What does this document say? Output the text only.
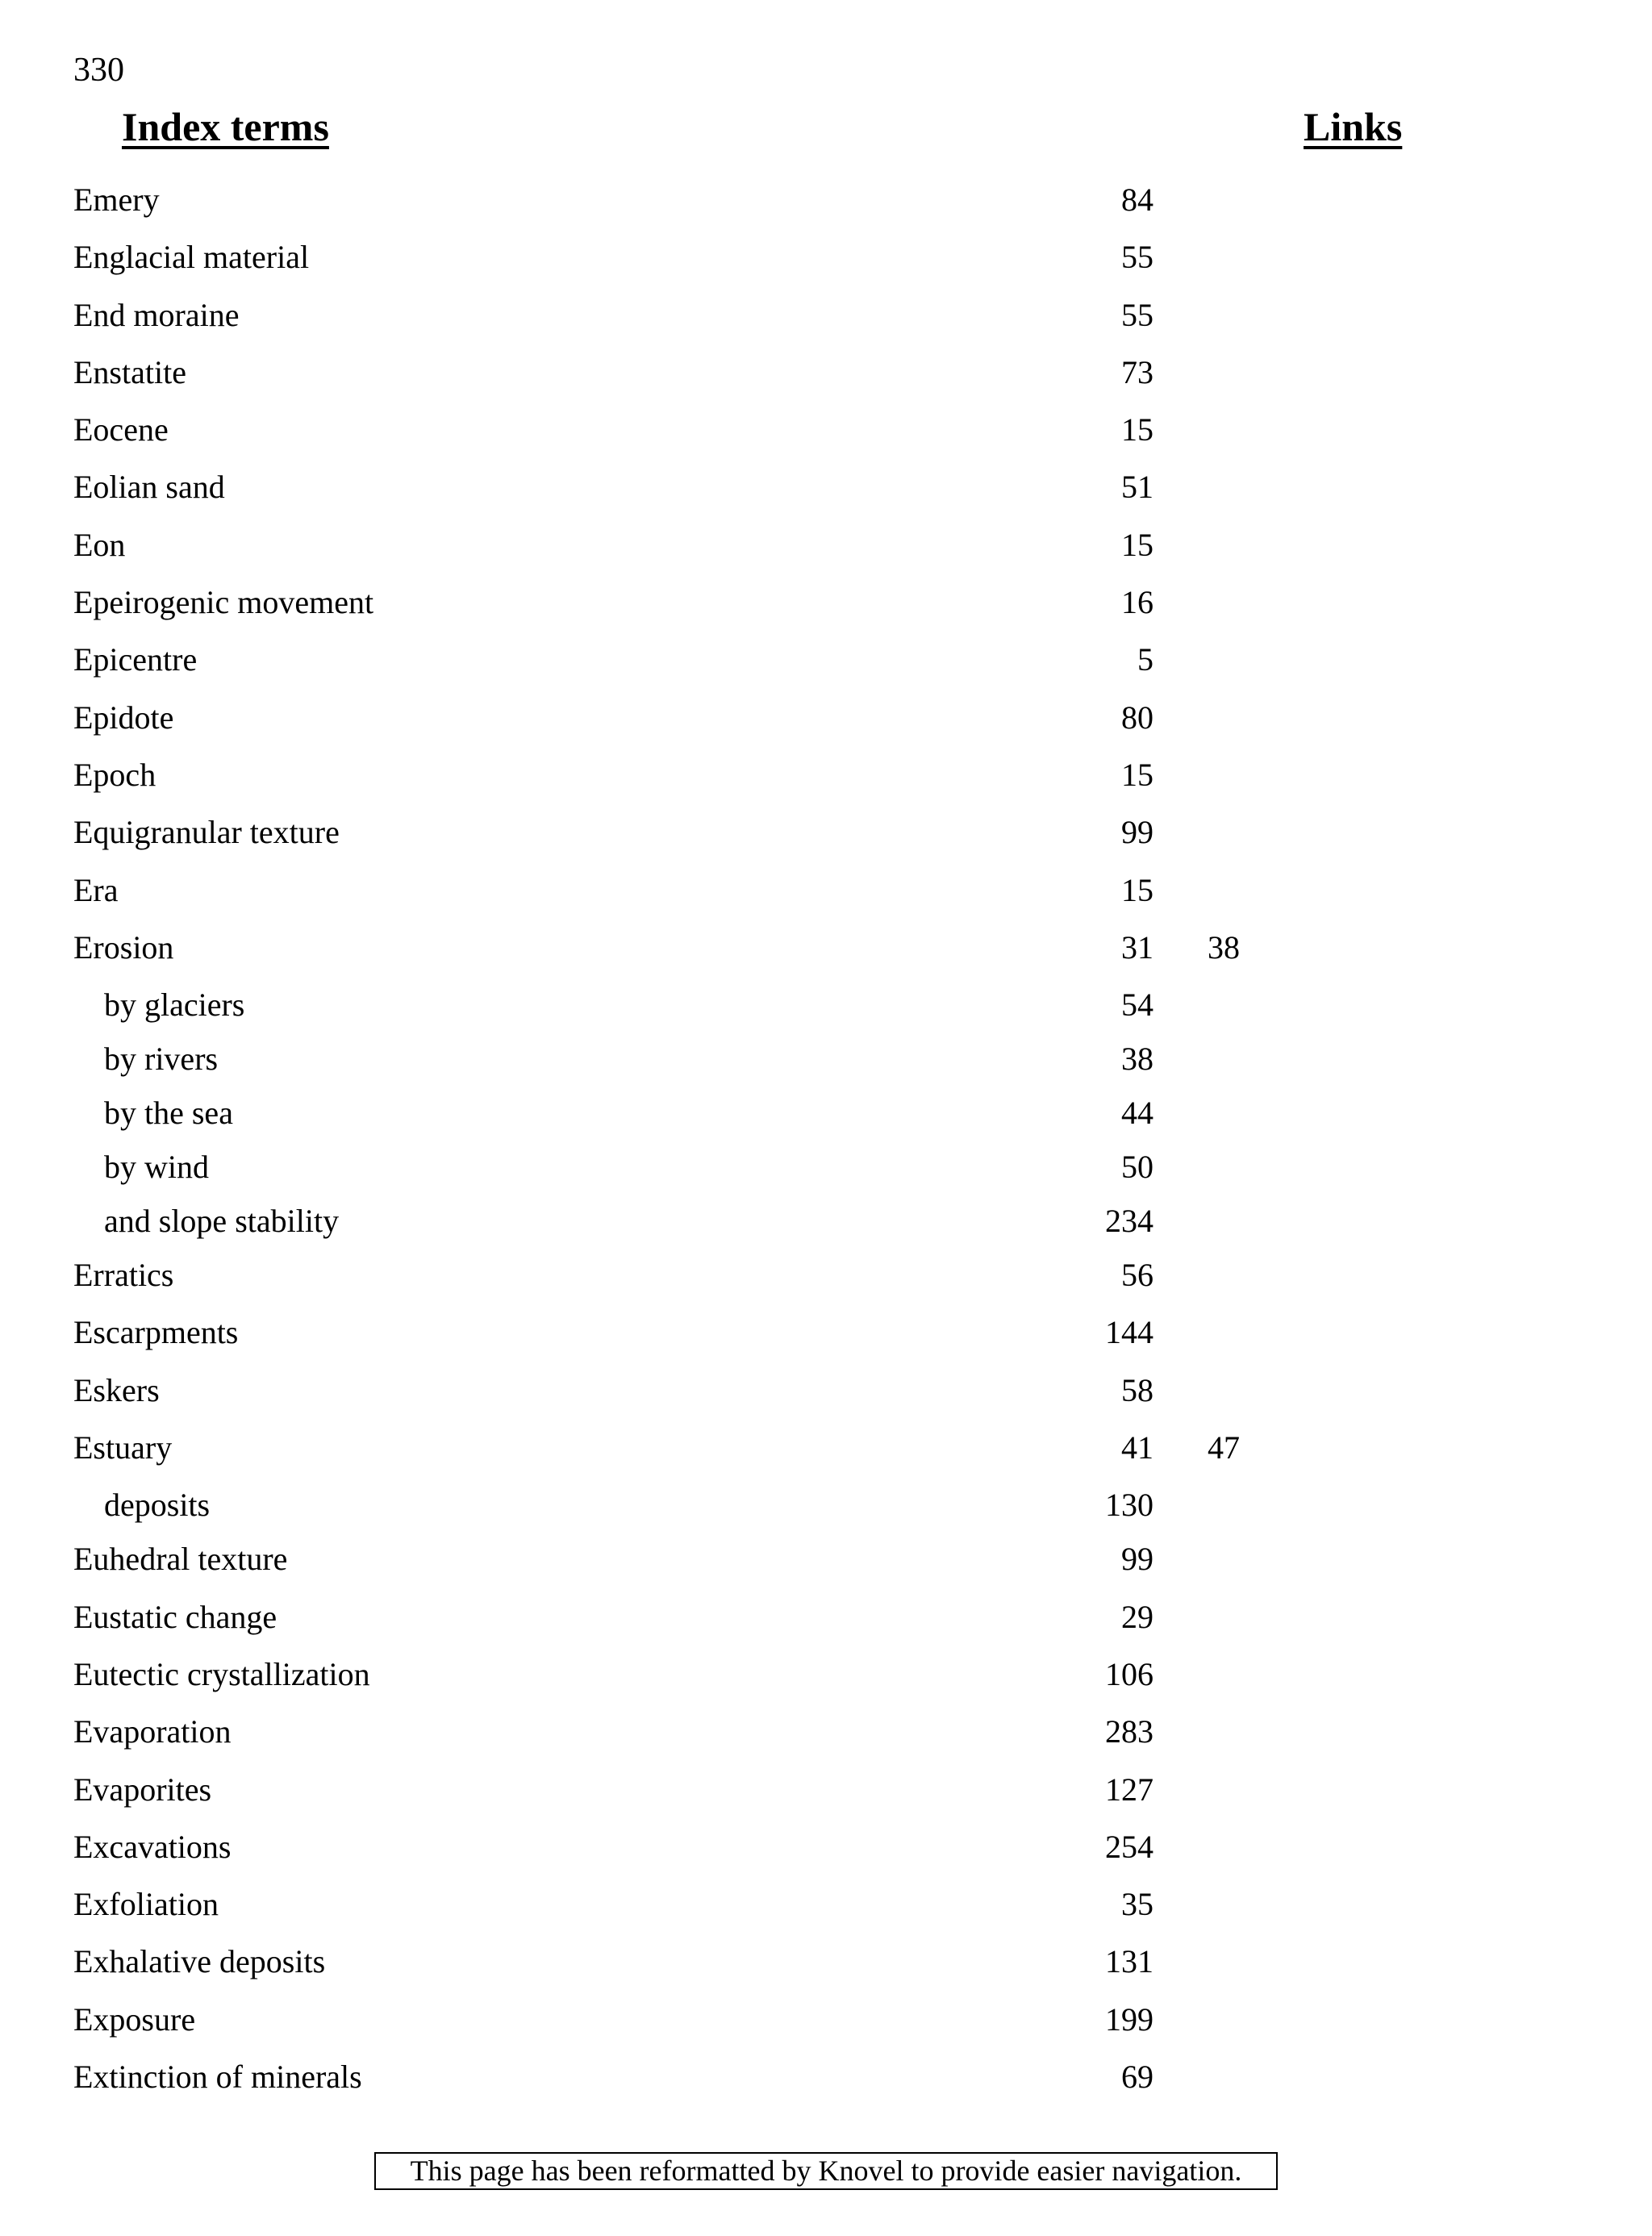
330
Index terms	Links
Emery	84
Englacial material	55
End moraine	55
Enstatite	73
Eocene	15
Eolian sand	51
Eon	15
Epeirogenic movement	16
Epicentre	5
Epidote	80
Epoch	15
Equigranular texture	99
Era	15
Erosion	31 38
by glaciers	54
by rivers	38
by the sea	44
by wind	50
and slope stability	234
Erratics	56
Escarpments	144
Eskers	58
Estuary	41 47
deposits	130
Euhedral texture	99
Eustatic change	29
Eutectic crystallization	106
Evaporation	283
Evaporites	127
Excavations	254
Exfoliation	35
Exhalative deposits	131
Exposure	199
Extinction of minerals	69
This page has been reformatted by Knovel to provide easier navigation.
